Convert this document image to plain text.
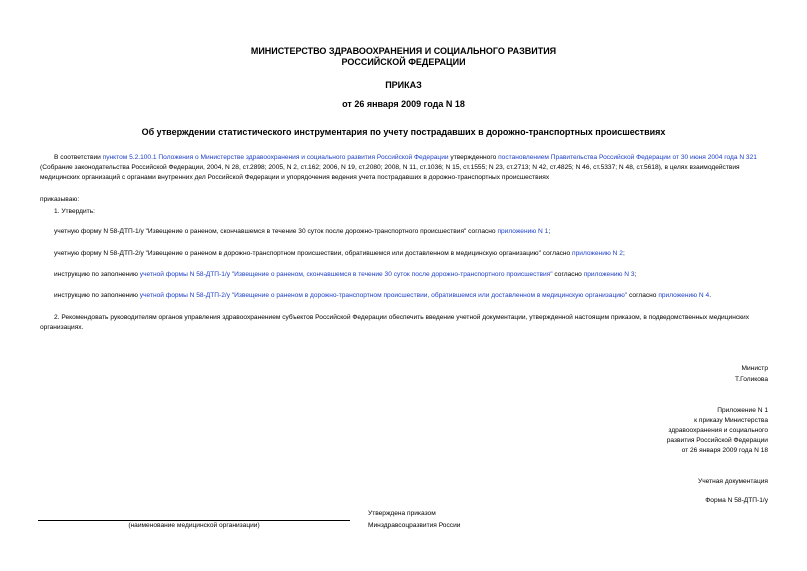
МИНИСТЕРСТВО ЗДРАВООХРАНЕНИЯ И СОЦИАЛЬНОГО РАЗВИТИЯ
РОССИЙСКОЙ ФЕДЕРАЦИИ
ПРИКАЗ
от 26 января 2009 года N 18
Об утверждении статистического инструментария по учету пострадавших в дорожно-транспортных происшествиях
В соответствии пунктом 5.2.100.1 Положения о Министерстве здравоохранения и социального развития Российской Федерации утвержденного постановлением Правительства Российской Федерации от 30 июня 2004 года N 321 (Собрание законодательства Российской Федерации, 2004, N 28, ст.2898; 2005, N 2, ст.162; 2006, N 19, ст.2080; 2008, N 11, ст.1036; N 15, ст.1555; N 23, ст.2713; N 42, ст.4825; N 46, ст.5337; N 48, ст.5618), в целях взаимодействия медицинских организаций с органами внутренних дел Российской Федерации и упорядочения ведения учета пострадавших в дорожно-транспортных происшествиях
приказываю:
1. Утвердить:
учетную форму N 58-ДТП-1/у "Извещение о раненом, скончавшемся в течение 30 суток после дорожно-транспортного происшествия" согласно приложению N 1;
учетную форму N 58-ДТП-2/у "Извещение о раненом в дорожно-транспортном происшествии, обратившемся или доставленном в медицинскую организацию" согласно приложению N 2;
инструкцию по заполнению учетной формы N 58-ДТП-1/у "Извещение о раненом, скончавшемся в течение 30 суток после дорожно-транспортного происшествия" согласно приложению N 3;
инструкцию по заполнению учетной формы N 58-ДТП-2/у "Извещение о раненом в дорожно-транспортном происшествии, обратившемся или доставленном в медицинскую организацию" согласно приложению N 4.
2. Рекомендовать руководителям органов управления здравоохранением субъектов Российской Федерации обеспечить введение учетной документации, утвержденной настоящим приказом, в подведомственных медицинских организациях.
Министр
Т.Голикова
Приложение N 1
к приказу Министерства
здравоохранения и социального
развития Российской Федерации
от 26 января 2009 года N 18
Учетная документация
Форма N 58-ДТП-1/у
(наименование медицинской организации)
Утверждена приказом
Минздравсоцразвития России
